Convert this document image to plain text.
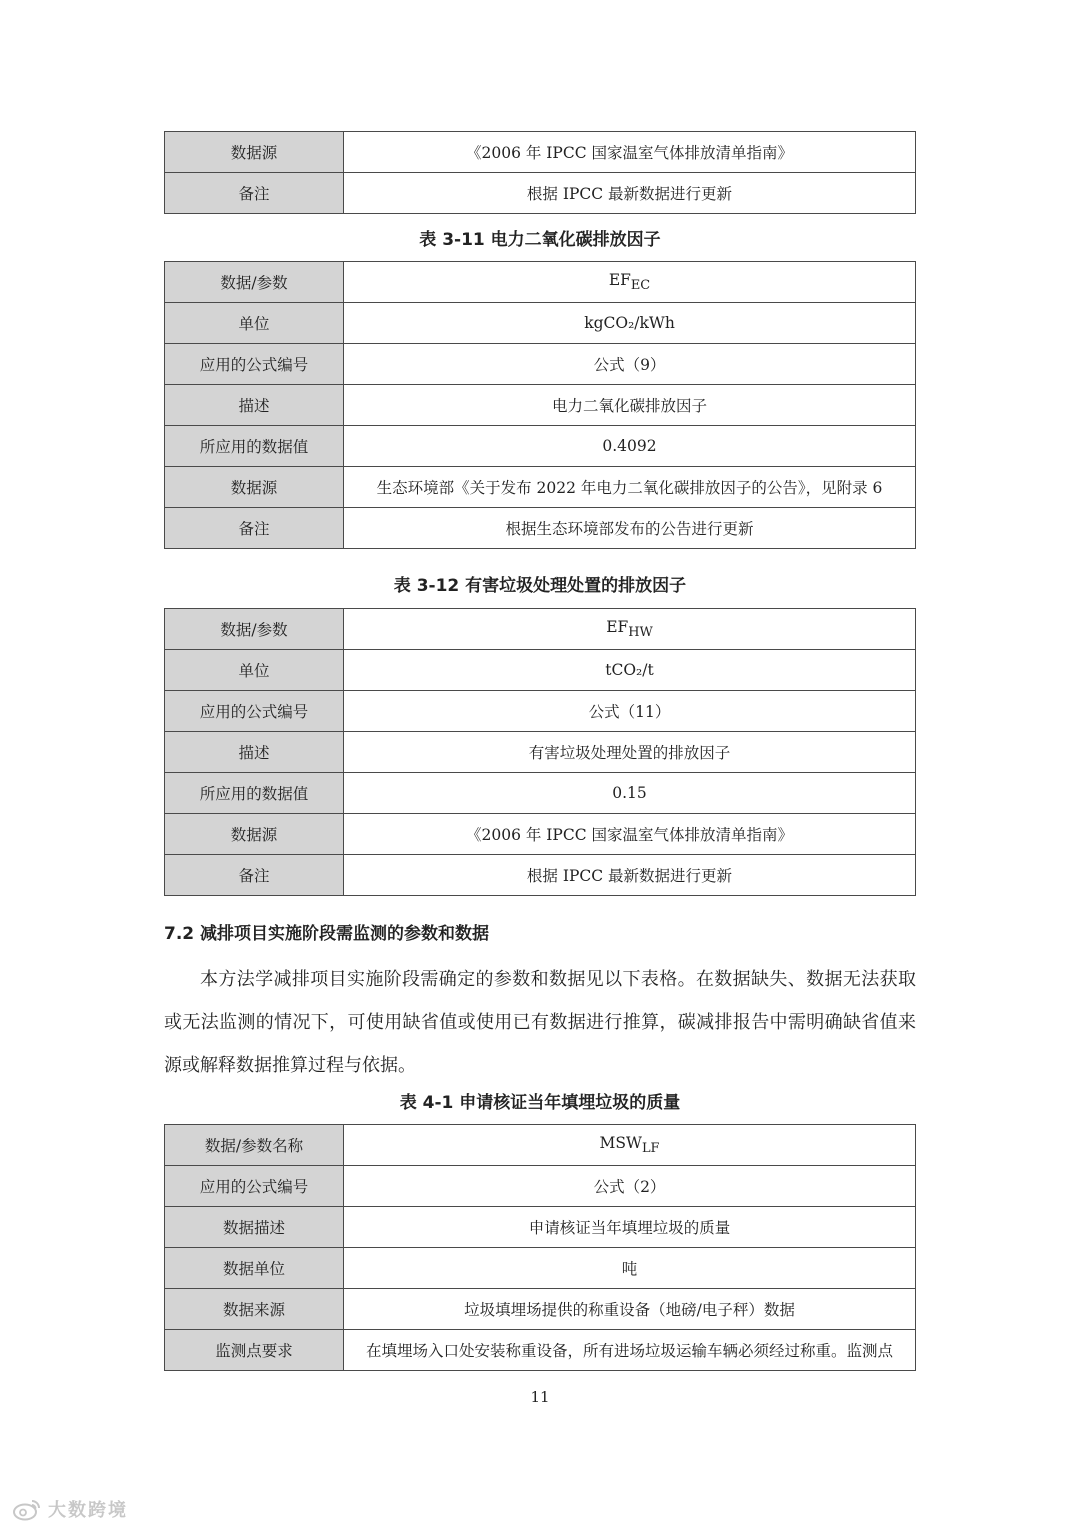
数据源	《2006 年 IPCC 国家温室气体排放清单指南》
备注	根据 IPCC 最新数据进行更新
表 3-11 电力二氧化碳排放因子
数据/参数	$EF_{EC}$
单位	kgCO₂/kWh
应用的公式编号	公式（9）
描述	电力二氧化碳排放因子
所应用的数据值	0.4092
数据源	生态环境部《关于发布 2022 年电力二氧化碳排放因子的公告》，见附录 6
备注	根据生态环境部发布的公告进行更新
表 3-12 有害垃圾处理处置的排放因子
数据/参数	$EF_{HW}$
单位	tCO₂/t
应用的公式编号	公式（11）
描述	有害垃圾处理处置的排放因子
所应用的数据值	0.15
数据源	《2006 年 IPCC 国家温室气体排放清单指南》
备注	根据 IPCC 最新数据进行更新
7.2 减排项目实施阶段需监测的参数和数据

本方法学减排项目实施阶段需确定的参数和数据见以下表格。在数据缺失、数据无法获取或无法监测的情况下，可使用缺省值或使用已有数据进行推算，碳减排报告中需明确缺省值来源或解释数据推算过程与依据。

表 4-1 申请核证当年填埋垃圾的质量
数据/参数名称	$MSW_{LF}$
应用的公式编号	公式（2）
数据描述	申请核证当年填埋垃圾的质量
数据单位	吨
数据来源	垃圾填埋场提供的称重设备（地磅/电子秤）数据
监测点要求	在填埋场入口处安装称重设备，所有进场垃圾运输车辆必须经过称重。监测点
11
大数跨境
